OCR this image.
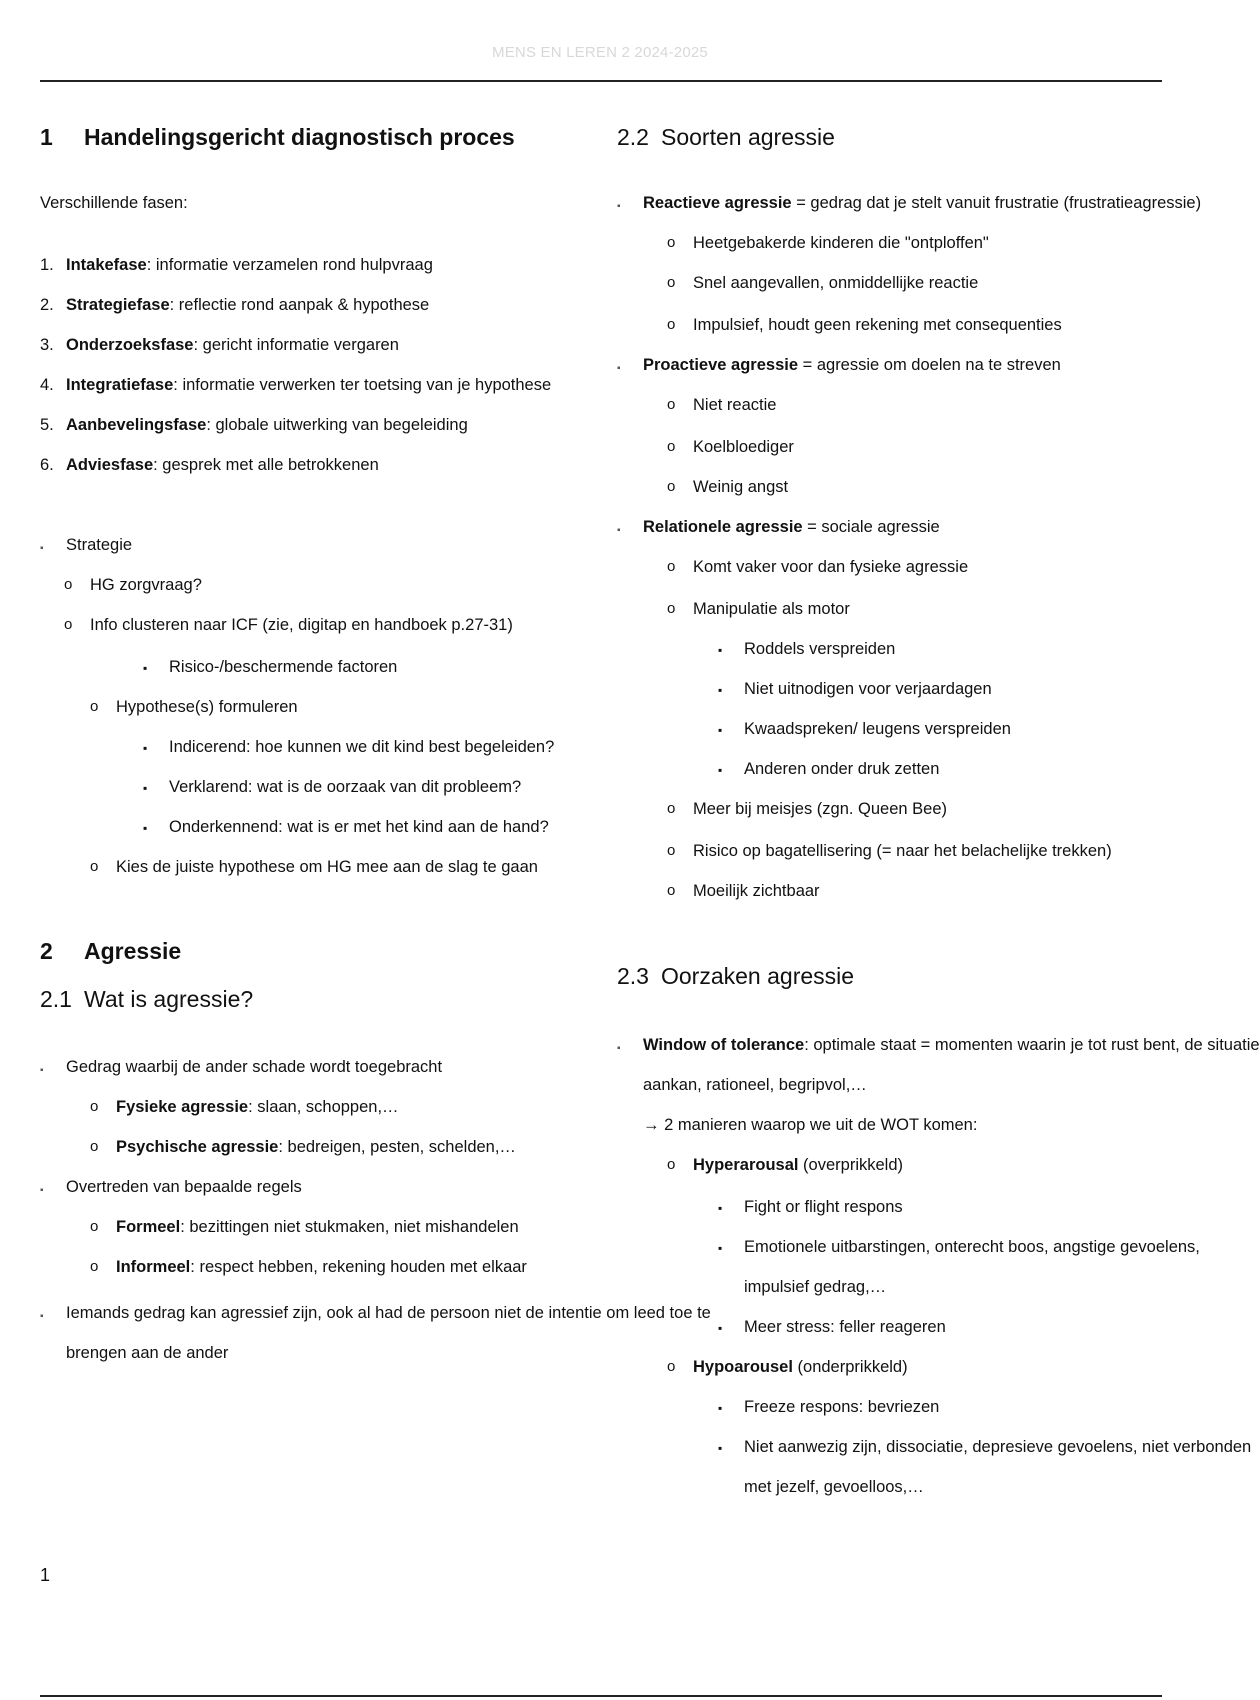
MENS EN LEREN 2 2024-2025
1 Handelingsgericht diagnostisch proces
Verschillende fasen:
1. Intakefase: informatie verzamelen rond hulpvraag
2. Strategiefase: reflectie rond aanpak & hypothese
3. Onderzoeksfase: gericht informatie vergaren
4. Integratiefase: informatie verwerken ter toetsing van je hypothese
5. Aanbevelingsfase: globale uitwerking van begeleiding
6. Adviesfase: gesprek met alle betrokkenen
▪ Strategie
o HG zorgvraag?
o Info clusteren naar ICF (zie, digitap en handboek p.27-31)
▪ Risico-/beschermende factoren
o Hypothese(s) formuleren
▪ Indicerend: hoe kunnen we dit kind best begeleiden?
▪ Verklarend: wat is de oorzaak van dit probleem?
▪ Onderkennend: wat is er met het kind aan de hand?
o Kies de juiste hypothese om HG mee aan de slag te gaan
2 Agressie
2.1 Wat is agressie?
▪ Gedrag waarbij de ander schade wordt toegebracht
o Fysieke agressie: slaan, schoppen,…
o Psychische agressie: bedreigen, pesten, schelden,…
▪ Overtreden van bepaalde regels
o Formeel: bezittingen niet stukmaken, niet mishandelen
o Informeel: respect hebben, rekening houden met elkaar
▪ Iemands gedrag kan agressief zijn, ook al had de persoon niet de intentie om leed toe te
brengen aan de ander
2.2 Soorten agressie
▪ Reactieve agressie = gedrag dat je stelt vanuit frustratie (frustratieagressie)
o Heetgebakerde kinderen die "ontploffen"
o Snel aangevallen, onmiddellijke reactie
o Impulsief, houdt geen rekening met consequenties
▪ Proactieve agressie = agressie om doelen na te streven
o Niet reactie
o Koelbloediger
o Weinig angst
▪ Relationele agressie = sociale agressie
o Komt vaker voor dan fysieke agressie
o Manipulatie als motor
▪ Roddels verspreiden
▪ Niet uitnodigen voor verjaardagen
▪ Kwaadspreken/ leugens verspreiden
▪ Anderen onder druk zetten
o Meer bij meisjes (zgn. Queen Bee)
o Risico op bagatellisering (= naar het belachelijke trekken)
o Moeilijk zichtbaar
2.3 Oorzaken agressie
▪ Window of tolerance: optimale staat = momenten waarin je tot rust bent, de situatie
aankan, rationeel, begripvol,…
→ 2 manieren waarop we uit de WOT komen:
o Hyperarousal (overprikkeld)
▪ Fight or flight respons
▪ Emotionele uitbarstingen, onterecht boos, angstige gevoelens,
impulsief gedrag,…
▪ Meer stress: feller reageren
o Hypoarousel (onderprikkeld)
▪ Freeze respons: bevriezen
▪ Niet aanwezig zijn, dissociatie, depresieve gevoelens, niet verbonden
met jezelf, gevoelloos,…
1
